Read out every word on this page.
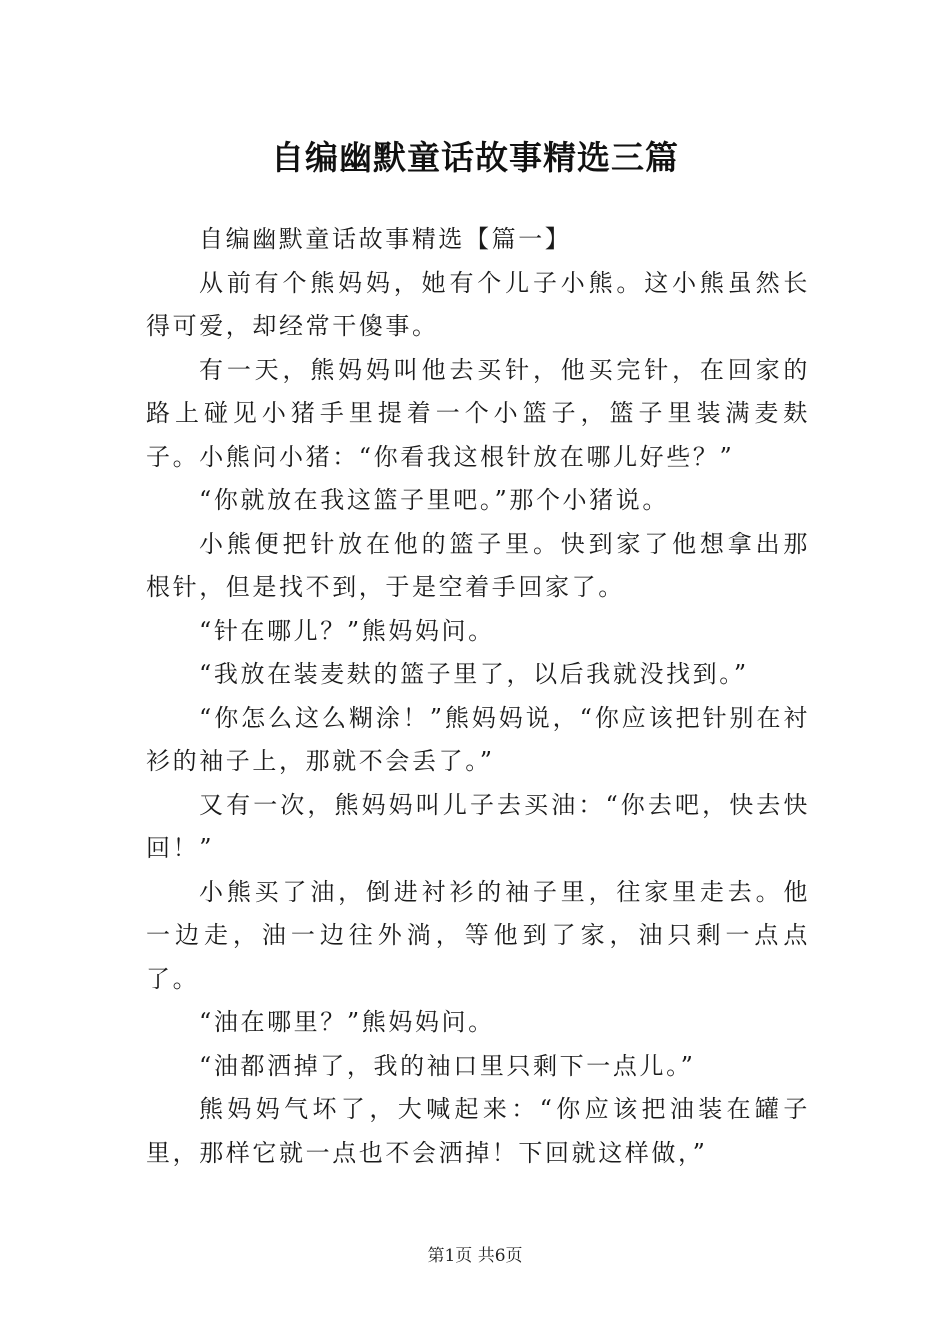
自编幽默童话故事精选三篇

自编幽默童话故事精选【篇一】

从前有个熊妈妈，她有个儿子小熊。这小熊虽然长得可爱，却经常干傻事。

有一天，熊妈妈叫他去买针，他买完针，在回家的路上碰见小猪手里提着一个小篮子，篮子里装满麦麸子。小熊问小猪：“你看我这根针放在哪儿好些？”

“你就放在我这篮子里吧。”那个小猪说。

小熊便把针放在他的篮子里。快到家了他想拿出那根针，但是找不到，于是空着手回家了。

“针在哪儿？”熊妈妈问。

“我放在装麦麸的篮子里了，以后我就没找到。”

“你怎么这么糊涂！”熊妈妈说，“你应该把针别在衬衫的袖子上，那就不会丢了。”

又有一次，熊妈妈叫儿子去买油：“你去吧，快去快回！”

小熊买了油，倒进衬衫的袖子里，往家里走去。他一边走，油一边往外淌，等他到了家，油只剩一点点了。

“油在哪里？”熊妈妈问。

“油都洒掉了，我的袖口里只剩下一点儿。”

熊妈妈气坏了，大喊起来：“你应该把油装在罐子里，那样它就一点也不会洒掉！下回就这样做，”

第1页 共6页
